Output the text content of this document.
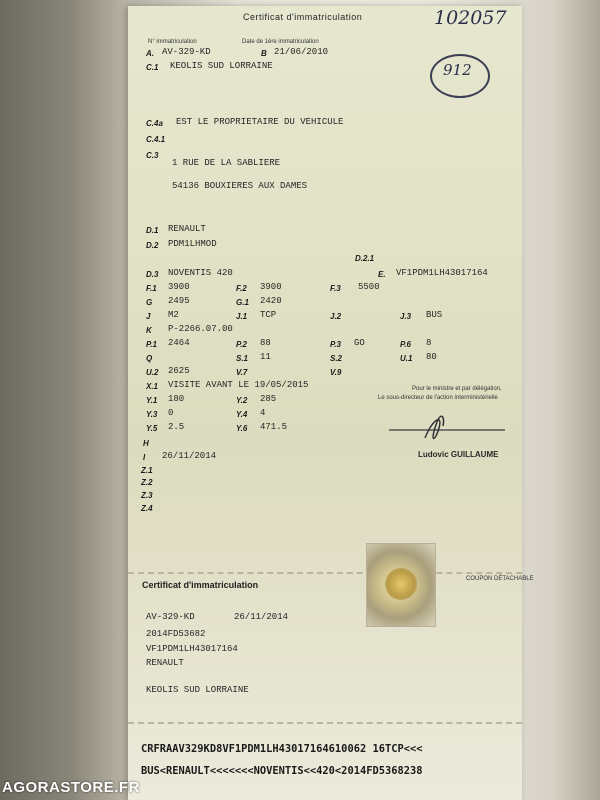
Certificat d'immatriculation	102057
912
N° immatriculation	Date de 1ère immatriculation
A. AV-329-KD	B 21/06/2010
C.1 KEOLIS SUD LORRAINE
C.4a EST LE PROPRIETAIRE DU VEHICULE
C.4.1
C.3
1 RUE DE LA SABLIERE
54136 BOUXIERES AUX DAMES
D.1 RENAULT
D.2 PDM1LHMOD
D.2.1
D.3 NOVENTIS 420	E. VF1PDM1LH43017164
F.1 3900	F.2 3900	F.3 5500
G 2495	G.1 2420
J M2	J.1 TCP	J.2	J.3 BUS
K P-2266.07.00
P.1 2464	P.2 88	P.3 GO	P.6 8
Q	S.1 11	S.2	U.1 80
U.2 2625	V.7	V.9
X.1 VISITE AVANT LE 19/05/2015
Y.1 180	Y.2 285
Y.3 0	Y.4 4
Y.5 2.5	Y.6 471.5
Pour le ministre et par délégation,
Le sous-directeur de l'action interministérielle
Ludovic GUILLAUME
H
I 26/11/2014
Z.1
Z.2
Z.3
Z.4
COUPON DÉTACHABLE
Certificat d'immatriculation
AV-329-KD	26/11/2014
2014FD53682
VF1PDM1LH43017164
RENAULT
KEOLIS SUD LORRAINE
CRFRAAV329KD8VF1PDM1LH43017164610062 16TCP<<<
BUS<RENAULT<<<<<<<NOVENTIS<<420<2014FD5368238
AGORASTORE.FR
